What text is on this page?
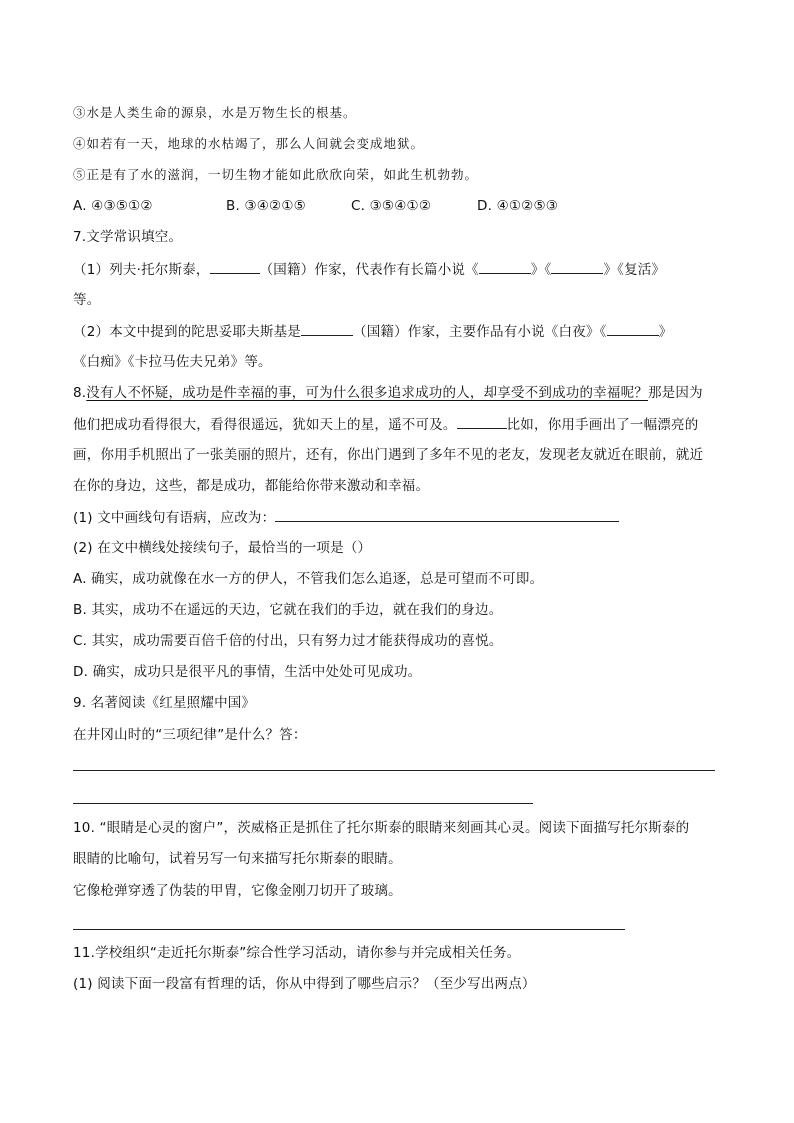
③水是人类生命的源泉，水是万物生长的根基。
④如若有一天，地球的水枯竭了，那么人间就会变成地狱。
⑤正是有了水的滋润，一切生物才能如此欣欣向荣，如此生机勃勃。
A. ④③⑤①②	B. ③④②①⑤	C. ③⑤④①②	D. ④①②⑤③
7.文学常识填空。
（1）列夫·托尔斯泰，	（国籍）作家，代表作有长篇小说《	》《	》《复活》
等。
（2）本文中提到的陀思妥耶夫斯基是	（国籍）作家，主要作品有小说《白夜》《	》
《白痴》《卡拉马佐夫兄弟》等。
8.没有人不怀疑，成功是件幸福的事，可为什么很多追求成功的人，却享受不到成功的幸福呢？那是因为
他们把成功看得很大，看得很遥远，犹如天上的星，遥不可及。	比如，你用手画出了一幅漂亮的
画，你用手机照出了一张美丽的照片，还有，你出门遇到了多年不见的老友，发现老友就近在眼前，就近
在你的身边，这些，都是成功，都能给你带来激动和幸福。
(1) 文中画线句有语病，应改为：
(2) 在文中横线处接续句子，最恰当的一项是（）
A. 确实，成功就像在水一方的伊人，不管我们怎么追逐，总是可望而不可即。
B. 其实，成功不在遥远的天边，它就在我们的手边，就在我们的身边。
C. 其实，成功需要百倍千倍的付出，只有努力过才能获得成功的喜悦。
D. 确实，成功只是很平凡的事情，生活中处处可见成功。
9. 名著阅读《红星照耀中国》
在井冈山时的“三项纪律”是什么？答：
10. “眼睛是心灵的窗户”，茨威格正是抓住了托尔斯泰的眼睛来刻画其心灵。阅读下面描写托尔斯泰的
眼睛的比喻句，试着另写一句来描写托尔斯泰的眼睛。
它像枪弹穿透了伪装的甲胄，它像金刚刀切开了玻璃。
11.学校组织“走近托尔斯泰”综合性学习活动，请你参与并完成相关任务。
(1) 阅读下面一段富有哲理的话，你从中得到了哪些启示？（至少写出两点）
